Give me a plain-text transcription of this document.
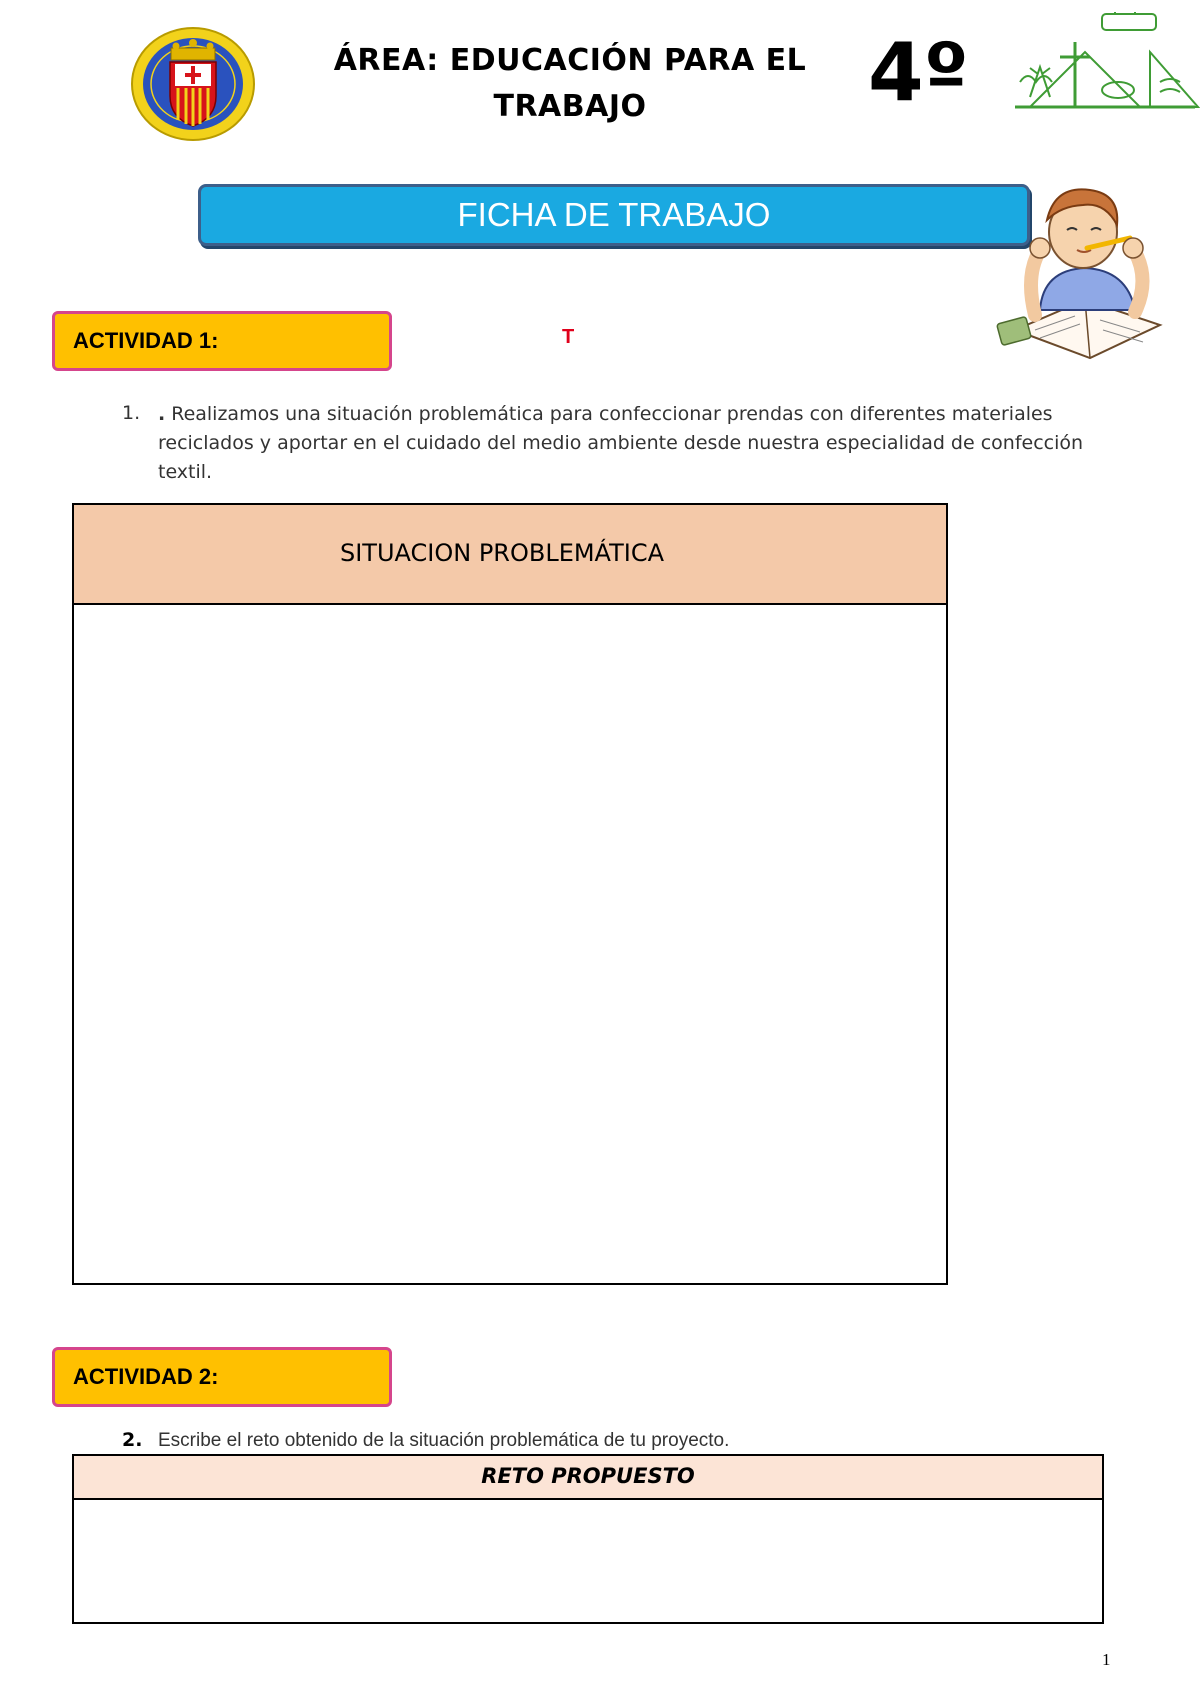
ÁREA: EDUCACIÓN PARA EL TRABAJO	4º
FICHA DE TRABAJO
ACTIVIDAD 1:	T
1. . Realizamos una situación problemática para confeccionar prendas con diferentes materiales reciclados y aportar en el cuidado del medio ambiente desde nuestra especialidad de confección textil.
SITUACION PROBLEMÁTICA
ACTIVIDAD 2:
2. Escribe el reto obtenido de la situación problemática de tu proyecto.
RETO PROPUESTO
1
